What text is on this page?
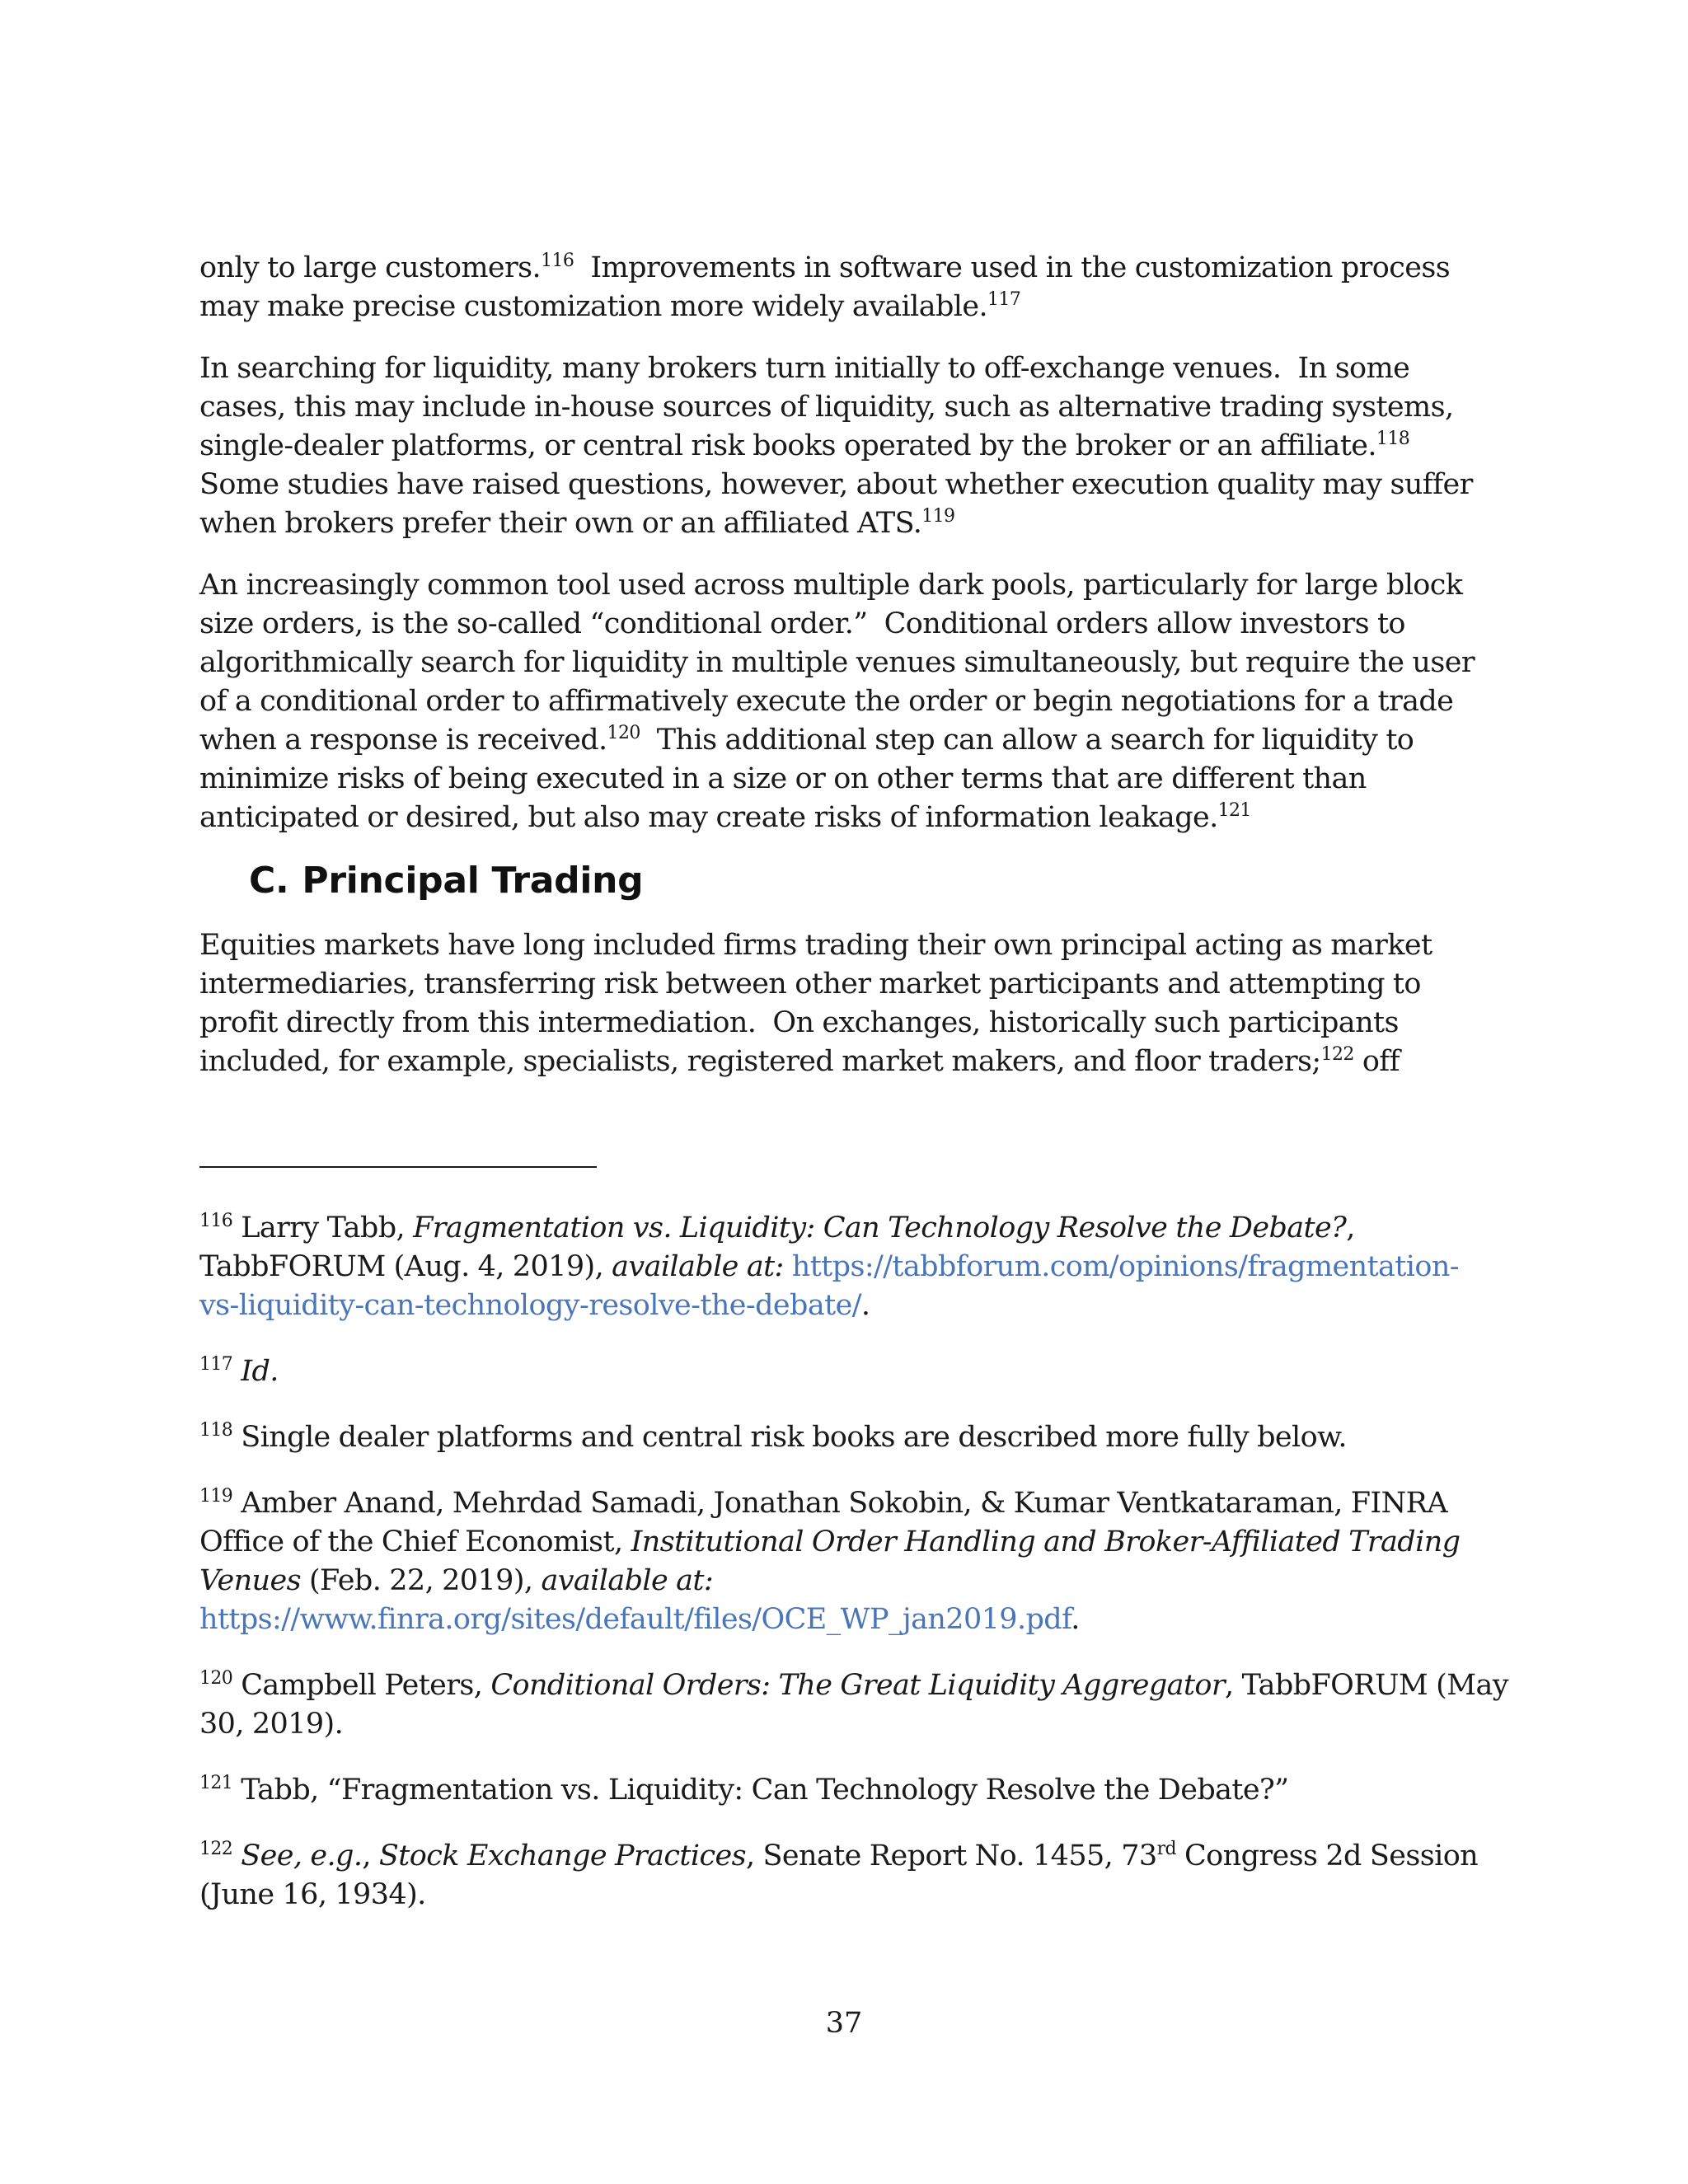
only to large customers.$^{116}$  Improvements in software used in the customization process
may make precise customization more widely available.$^{117}$

In searching for liquidity, many brokers turn initially to off-exchange venues.  In some
cases, this may include in-house sources of liquidity, such as alternative trading systems,
single-dealer platforms, or central risk books operated by the broker or an affiliate.$^{118}$
Some studies have raised questions, however, about whether execution quality may suffer
when brokers prefer their own or an affiliated ATS.$^{119}$

An increasingly common tool used across multiple dark pools, particularly for large block
size orders, is the so-called “conditional order.”  Conditional orders allow investors to
algorithmically search for liquidity in multiple venues simultaneously, but require the user
of a conditional order to affirmatively execute the order or begin negotiations for a trade
when a response is received.$^{120}$  This additional step can allow a search for liquidity to
minimize risks of being executed in a size or on other terms that are different than
anticipated or desired, but also may create risks of information leakage.$^{121}$

C. Principal Trading

Equities markets have long included firms trading their own principal acting as market
intermediaries, transferring risk between other market participants and attempting to
profit directly from this intermediation.  On exchanges, historically such participants
included, for example, specialists, registered market makers, and floor traders;$^{122}$ off

$^{116}$ Larry Tabb, Fragmentation vs. Liquidity: Can Technology Resolve the Debate?,
TabbFORUM (Aug. 4, 2019), available at: https://tabbforum.com/opinions/fragmentation-
vs-liquidity-can-technology-resolve-the-debate/.
$^{117}$ Id.
$^{118}$ Single dealer platforms and central risk books are described more fully below.
$^{119}$ Amber Anand, Mehrdad Samadi, Jonathan Sokobin, & Kumar Ventkataraman, FINRA
Office of the Chief Economist, Institutional Order Handling and Broker-Affiliated Trading
Venues (Feb. 22, 2019), available at:
https://www.finra.org/sites/default/files/OCE_WP_jan2019.pdf.
$^{120}$ Campbell Peters, Conditional Orders: The Great Liquidity Aggregator, TabbFORUM (May
30, 2019).
$^{121}$ Tabb, “Fragmentation vs. Liquidity: Can Technology Resolve the Debate?”
$^{122}$ See, e.g., Stock Exchange Practices, Senate Report No. 1455, 73rd Congress 2d Session
(June 16, 1934).
37
